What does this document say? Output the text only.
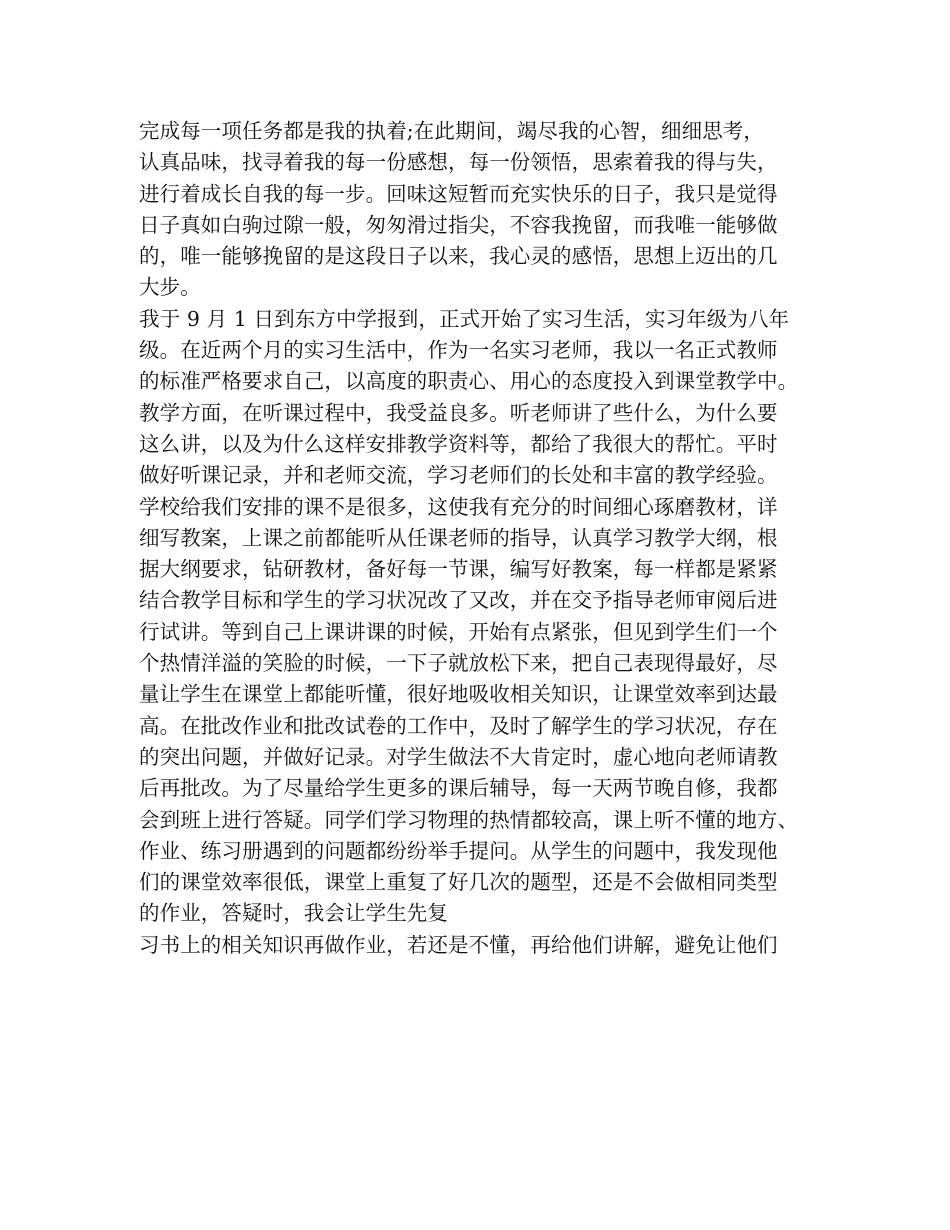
完成每一项任务都是我的执着;在此期间，竭尽我的心智，细细思考，
认真品味，找寻着我的每一份感想，每一份领悟，思索着我的得与失，
进行着成长自我的每一步。回味这短暂而充实快乐的日子，我只是觉得
日子真如白驹过隙一般，匆匆滑过指尖，不容我挽留，而我唯一能够做
的，唯一能够挽留的是这段日子以来，我心灵的感悟，思想上迈出的几
大步。
我于 9 月 1 日到东方中学报到，正式开始了实习生活，实习年级为八年
级。在近两个月的实习生活中，作为一名实习老师，我以一名正式教师
的标准严格要求自己，以高度的职责心、用心的态度投入到课堂教学中。
教学方面，在听课过程中，我受益良多。听老师讲了些什么，为什么要
这么讲，以及为什么这样安排教学资料等，都给了我很大的帮忙。平时
做好听课记录，并和老师交流，学习老师们的长处和丰富的教学经验。
学校给我们安排的课不是很多，这使我有充分的时间细心琢磨教材，详
细写教案，上课之前都能听从任课老师的指导，认真学习教学大纲，根
据大纲要求，钻研教材，备好每一节课，编写好教案，每一样都是紧紧
结合教学目标和学生的学习状况改了又改，并在交予指导老师审阅后进
行试讲。等到自己上课讲课的时候，开始有点紧张，但见到学生们一个
个热情洋溢的笑脸的时候，一下子就放松下来，把自己表现得最好，尽
量让学生在课堂上都能听懂，很好地吸收相关知识，让课堂效率到达最
高。在批改作业和批改试卷的工作中，及时了解学生的学习状况，存在
的突出问题，并做好记录。对学生做法不大肯定时，虚心地向老师请教
后再批改。为了尽量给学生更多的课后辅导，每一天两节晚自修，我都
会到班上进行答疑。同学们学习物理的热情都较高，课上听不懂的地方、
作业、练习册遇到的问题都纷纷举手提问。从学生的问题中，我发现他
们的课堂效率很低，课堂上重复了好几次的题型，还是不会做相同类型
的作业，答疑时，我会让学生先复
习书上的相关知识再做作业，若还是不懂，再给他们讲解，避免让他们
